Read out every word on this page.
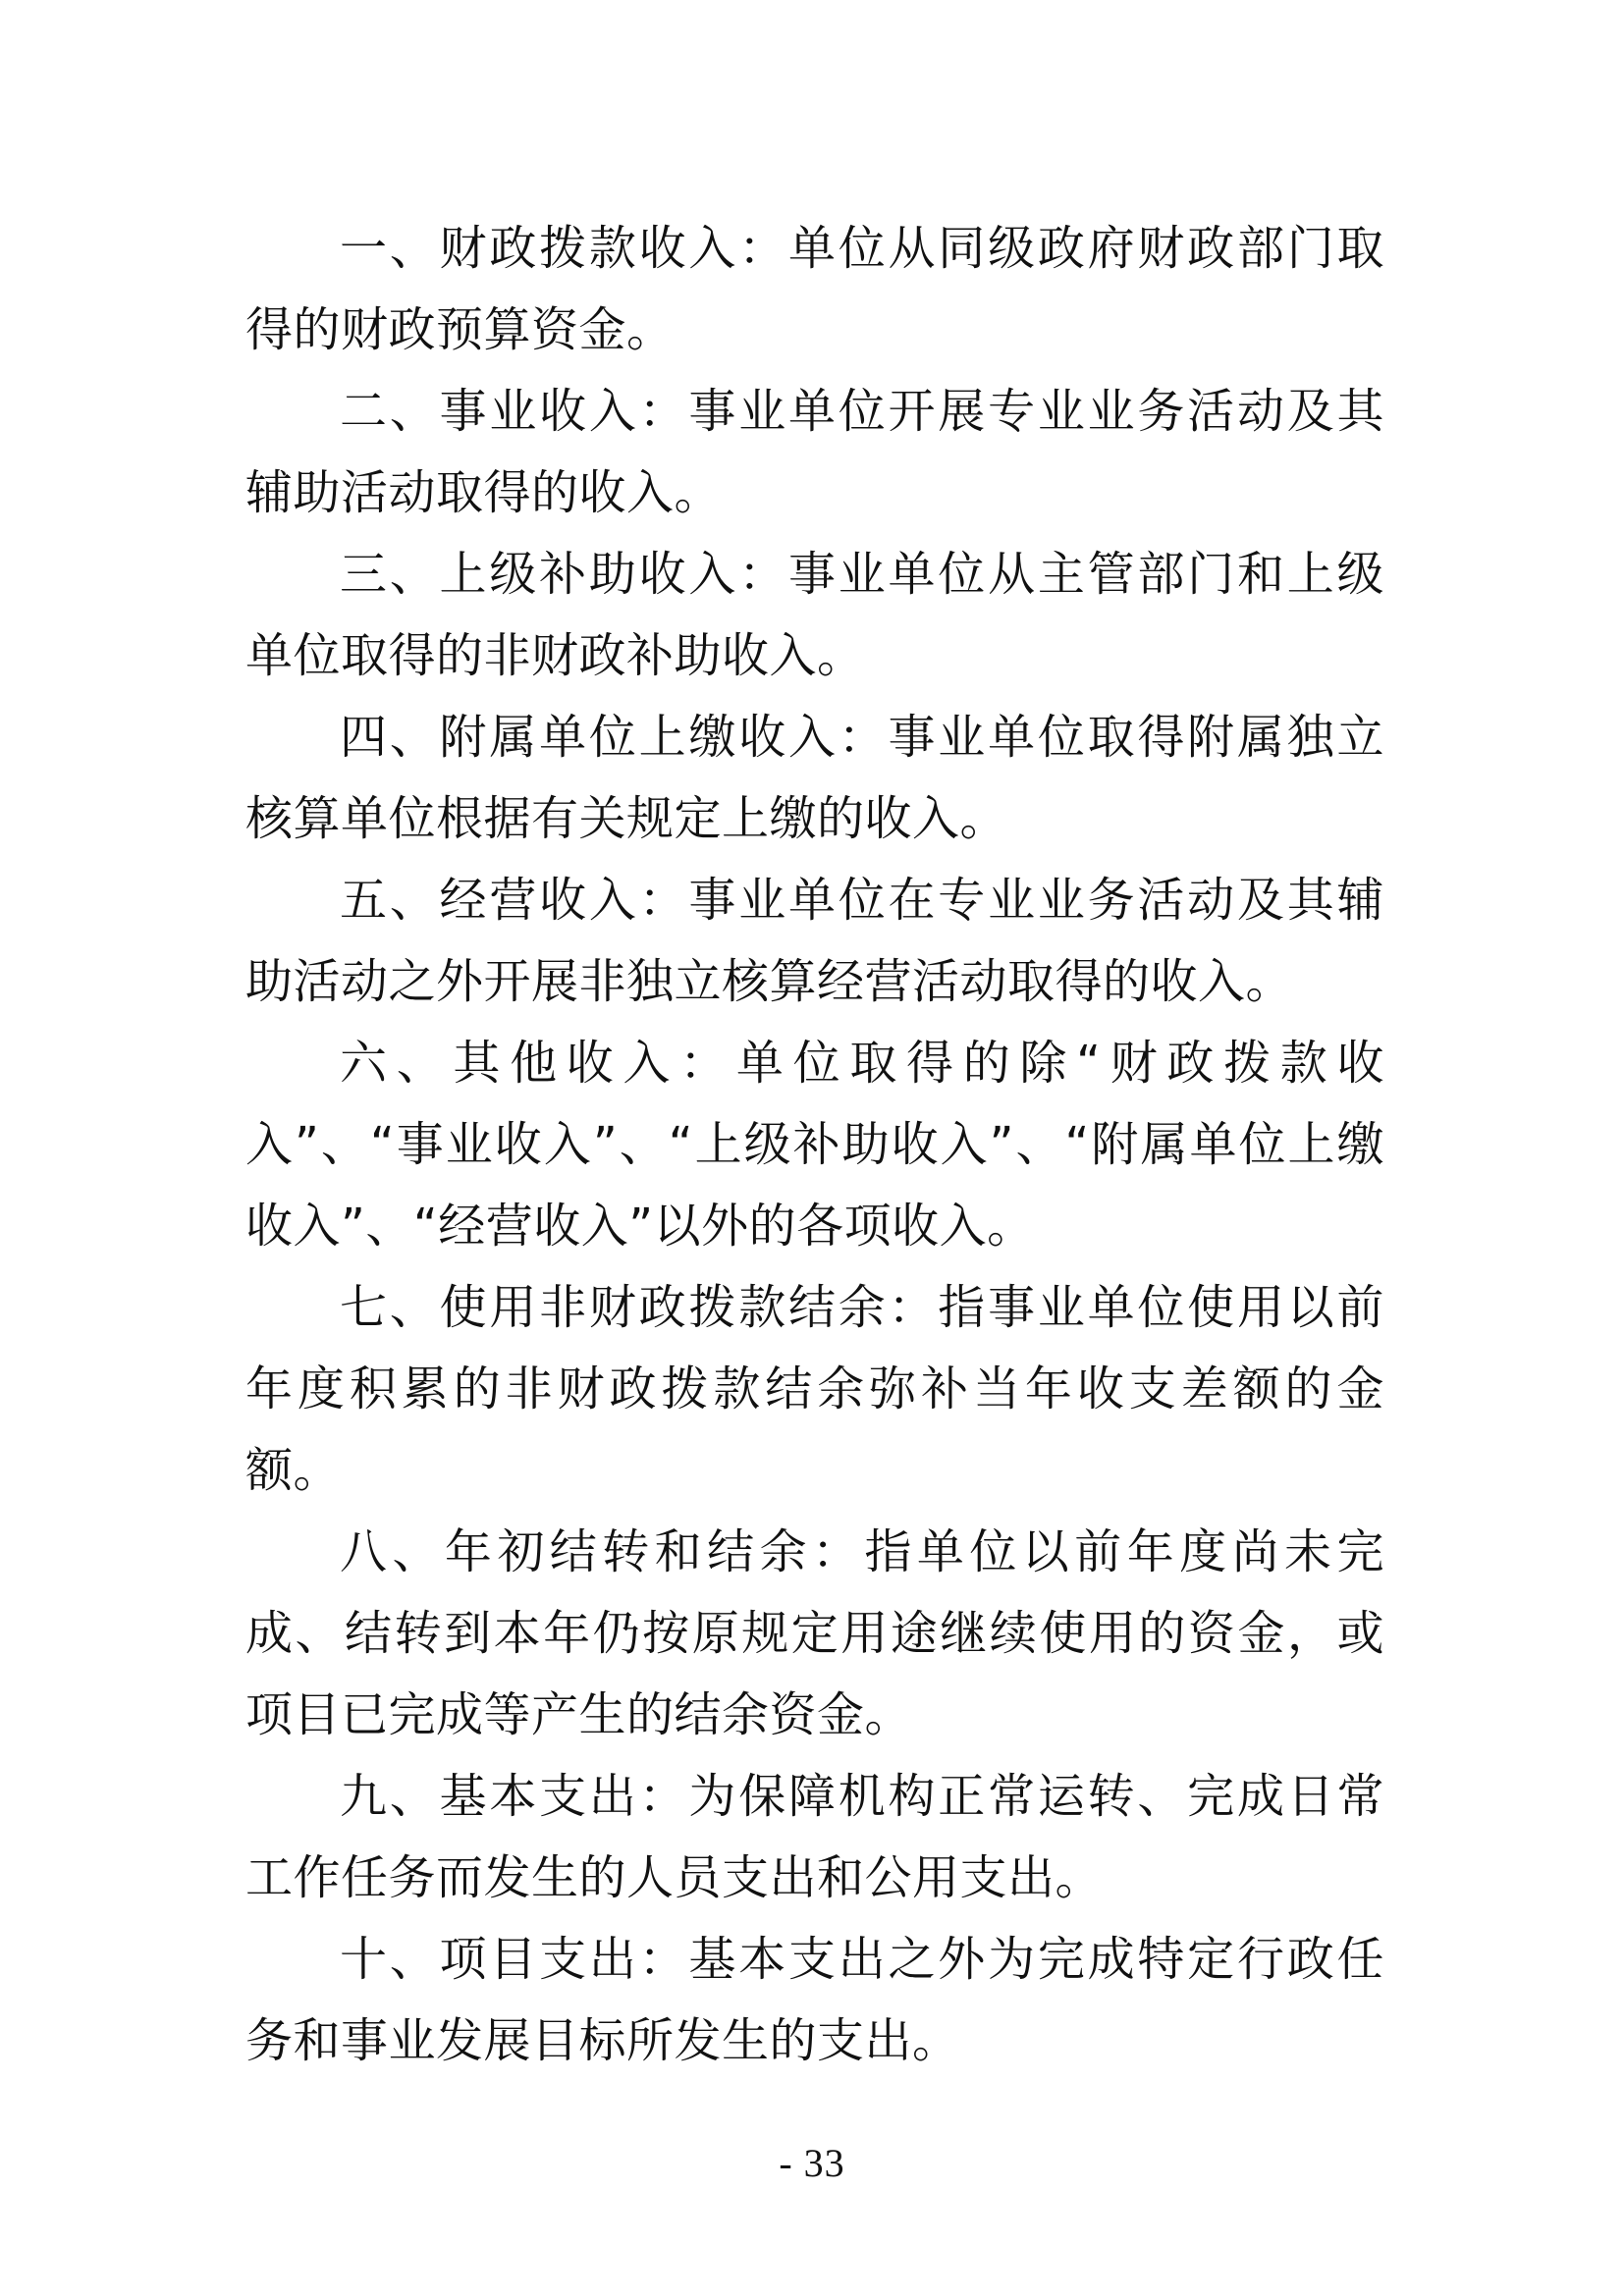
一、财政拨款收入：单位从同级政府财政部门取得的财政预算资金。

二、事业收入：事业单位开展专业业务活动及其辅助活动取得的收入。

三、上级补助收入：事业单位从主管部门和上级单位取得的非财政补助收入。

四、附属单位上缴收入：事业单位取得附属独立核算单位根据有关规定上缴的收入。

五、经营收入：事业单位在专业业务活动及其辅助活动之外开展非独立核算经营活动取得的收入。

六、其他收入：单位取得的除“财政拨款收入”、“事业收入”、“上级补助收入”、“附属单位上缴收入”、“经营收入”以外的各项收入。

七、使用非财政拨款结余：指事业单位使用以前年度积累的非财政拨款结余弥补当年收支差额的金额。

八、年初结转和结余：指单位以前年度尚未完成、结转到本年仍按原规定用途继续使用的资金，或项目已完成等产生的结余资金。

九、基本支出：为保障机构正常运转、完成日常工作任务而发生的人员支出和公用支出。

十、项目支出：基本支出之外为完成特定行政任务和事业发展目标所发生的支出。

- 33
